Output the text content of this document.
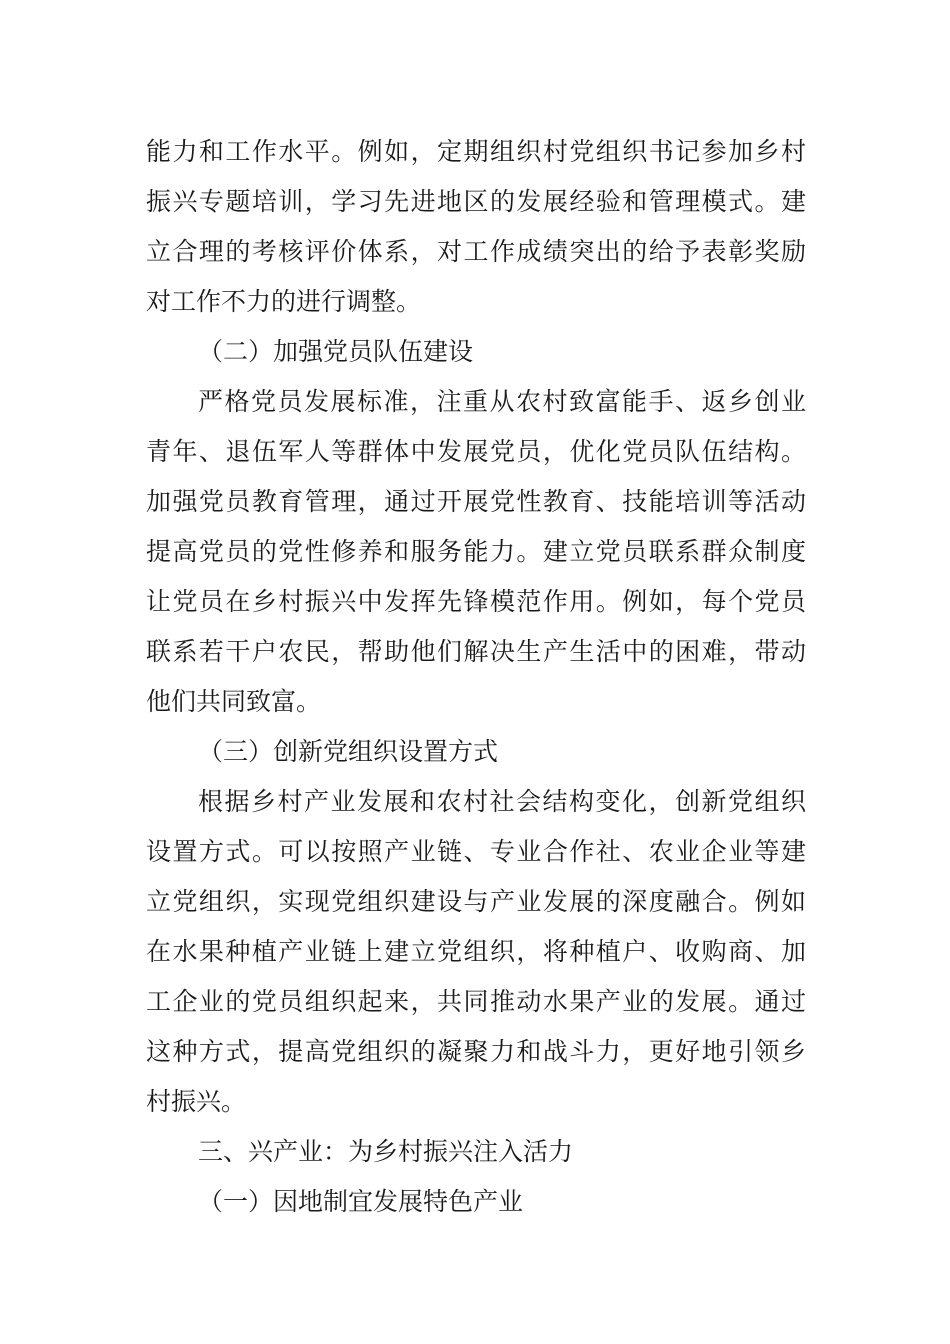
能力和工作水平。例如，定期组织村党组织书记参加乡村
振兴专题培训，学习先进地区的发展经验和管理模式。建
立合理的考核评价体系，对工作成绩突出的给予表彰奖励
对工作不力的进行调整。
（二）加强党员队伍建设
严格党员发展标准，注重从农村致富能手、返乡创业
青年、退伍军人等群体中发展党员，优化党员队伍结构。
加强党员教育管理，通过开展党性教育、技能培训等活动
提高党员的党性修养和服务能力。建立党员联系群众制度
让党员在乡村振兴中发挥先锋模范作用。例如，每个党员
联系若干户农民，帮助他们解决生产生活中的困难，带动
他们共同致富。
（三）创新党组织设置方式
根据乡村产业发展和农村社会结构变化，创新党组织
设置方式。可以按照产业链、专业合作社、农业企业等建
立党组织，实现党组织建设与产业发展的深度融合。例如
在水果种植产业链上建立党组织，将种植户、收购商、加
工企业的党员组织起来，共同推动水果产业的发展。通过
这种方式，提高党组织的凝聚力和战斗力，更好地引领乡
村振兴。
三、兴产业：为乡村振兴注入活力
（一）因地制宜发展特色产业
